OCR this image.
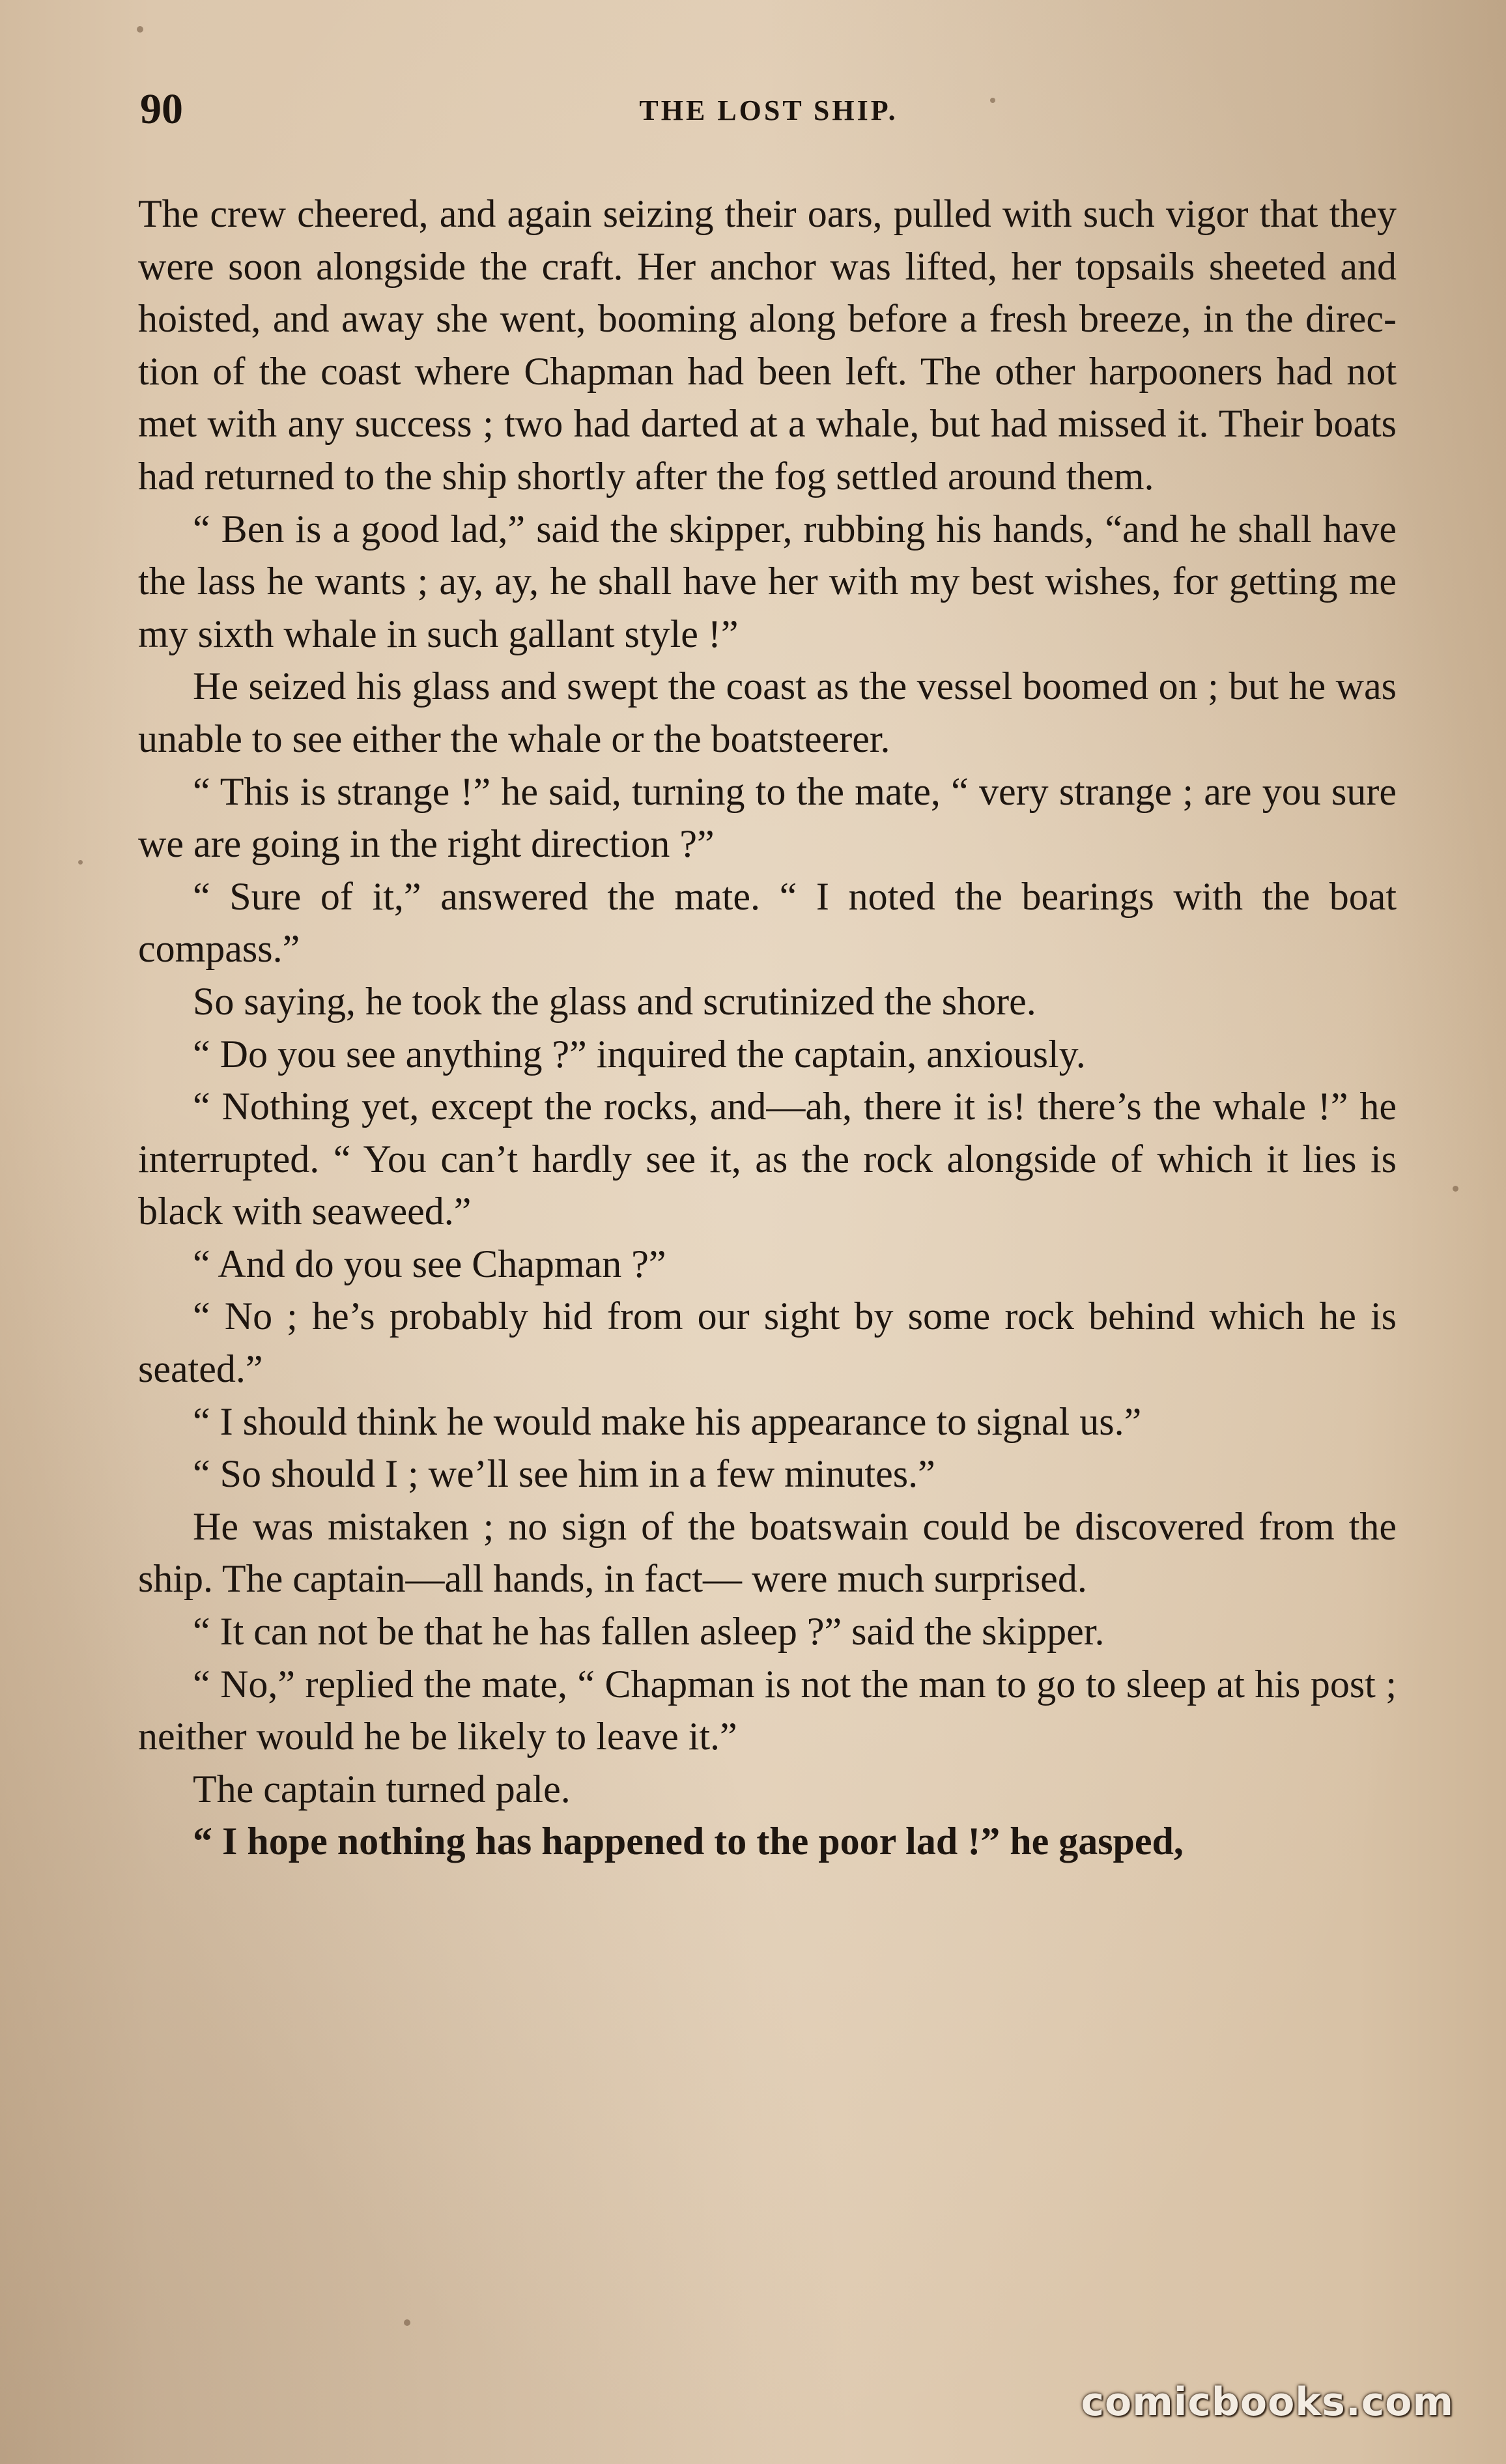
90	THE LOST SHIP.

The crew cheered, and again seizing their oars, pulled with such vigor that they were soon alongside the craft. Her anchor was lifted, her topsails sheeted and hoisted, and away she went, booming along before a fresh breeze, in the direction of the coast where Chapman had been left. The other harpooners had not met with any success ; two had darted at a whale, but had missed it. Their boats had returned to the ship shortly after the fog settled around them.

“ Ben is a good lad,” said the skipper, rubbing his hands, “and he shall have the lass he wants ; ay, ay, he shall have her with my best wishes, for getting me my sixth whale in such gallant style !”

He seized his glass and swept the coast as the vessel boomed on ; but he was unable to see either the whale or the boatsteerer.

“ This is strange !” he said, turning to the mate, “ very strange ; are you sure we are going in the right direction ?”

“ Sure of it,” answered the mate. “ I noted the bearings with the boat compass.”

So saying, he took the glass and scrutinized the shore.

“ Do you see anything ?” inquired the captain, anxiously.

“ Nothing yet, except the rocks, and—ah, there it is! there’s the whale !” he interrupted. “ You can’t hardly see it, as the rock alongside of which it lies is black with seaweed.”

“ And do you see Chapman ?”

“ No ; he’s probably hid from our sight by some rock behind which he is seated.”

“ I should think he would make his appearance to signal us.”

“ So should I ; we’ll see him in a few minutes.”

He was mistaken ; no sign of the boatswain could be discovered from the ship. The captain—all hands, in fact— were much surprised.

“ It can not be that he has fallen asleep ?” said the skipper.

“ No,” replied the mate, “ Chapman is not the man to go to sleep at his post ; neither would he be likely to leave it.”

The captain turned pale.

“ I hope nothing has happened to the poor lad !” he gasped,

comicbooks.com
